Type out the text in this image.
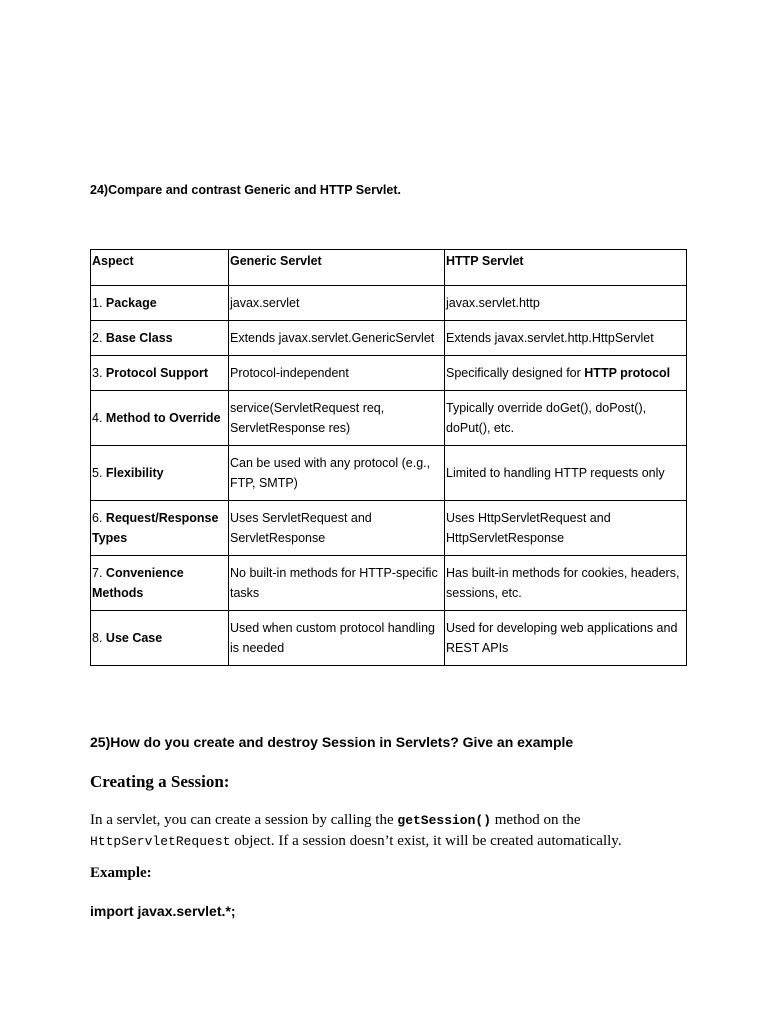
24)Compare and contrast Generic and HTTP Servlet.
Aspect	Generic Servlet	HTTP Servlet
1. Package	javax.servlet	javax.servlet.http
2. Base Class	Extends javax.servlet.GenericServlet	Extends javax.servlet.http.HttpServlet
3. Protocol Support	Protocol-independent	Specifically designed for HTTP protocol
4. Method to Override	service(ServletRequest req, ServletResponse res)	Typically override doGet(), doPost(), doPut(), etc.
5. Flexibility	Can be used with any protocol (e.g., FTP, SMTP)	Limited to handling HTTP requests only
6. Request/Response Types	Uses ServletRequest and ServletResponse	Uses HttpServletRequest and HttpServletResponse
7. Convenience Methods	No built-in methods for HTTP-specific tasks	Has built-in methods for cookies, headers, sessions, etc.
8. Use Case	Used when custom protocol handling is needed	Used for developing web applications and REST APIs
25)How do you create and destroy Session in Servlets? Give an example
Creating a Session:
In a servlet, you can create a session by calling the getSession() method on the HttpServletRequest object. If a session doesn’t exist, it will be created automatically.
Example:
import javax.servlet.*;
